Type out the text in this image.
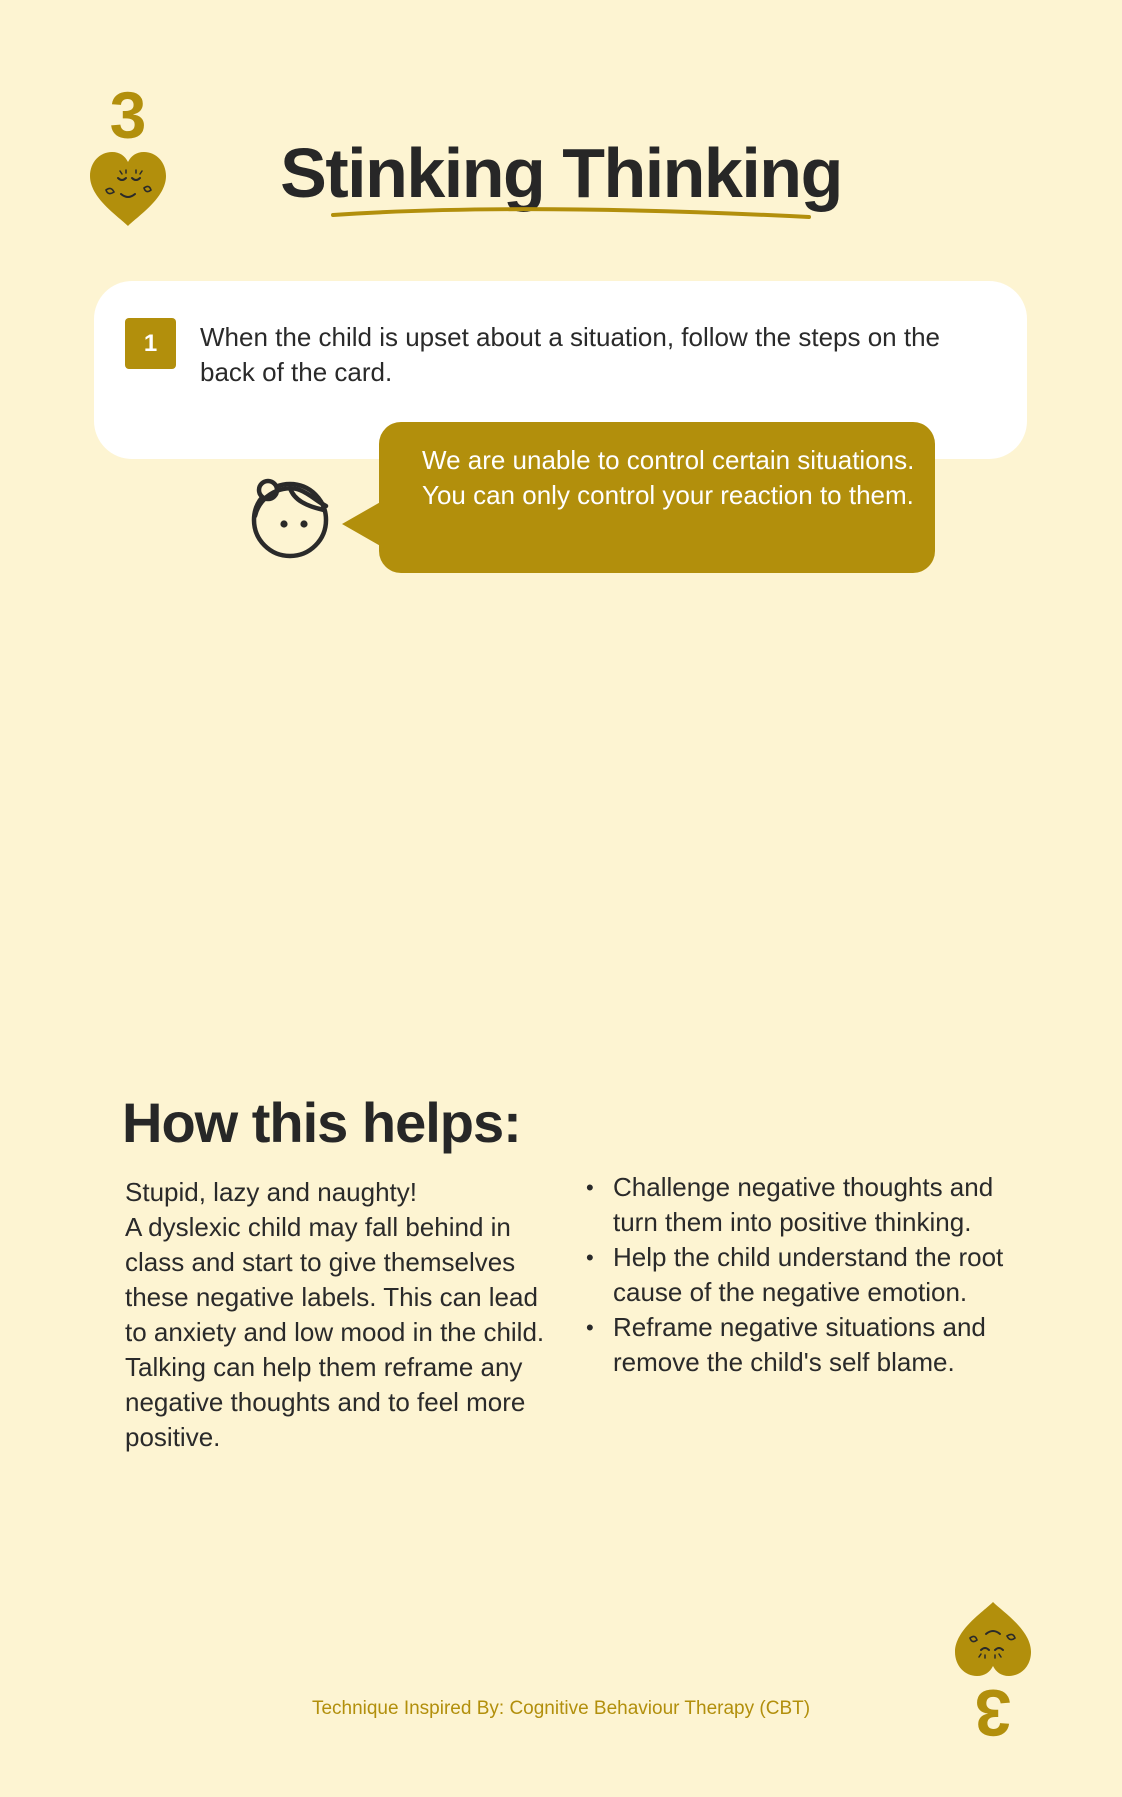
3
Stinking Thinking
1	When the child is upset about a situation, follow the steps on the back of the card.
We are unable to control certain situations. You can only control your reaction to them.
How this helps:

Stupid, lazy and naughty!

A dyslexic child may fall behind in class and start to give themselves these negative labels. This can lead to anxiety and low mood in the child. Talking can help them reframe any negative thoughts and to feel more positive.

• Challenge negative thoughts and turn them into positive thinking.
• Help the child understand the root cause of the negative emotion.
• Reframe negative situations and remove the child's self blame.
3
Technique Inspired By: Cognitive Behaviour Therapy (CBT)
